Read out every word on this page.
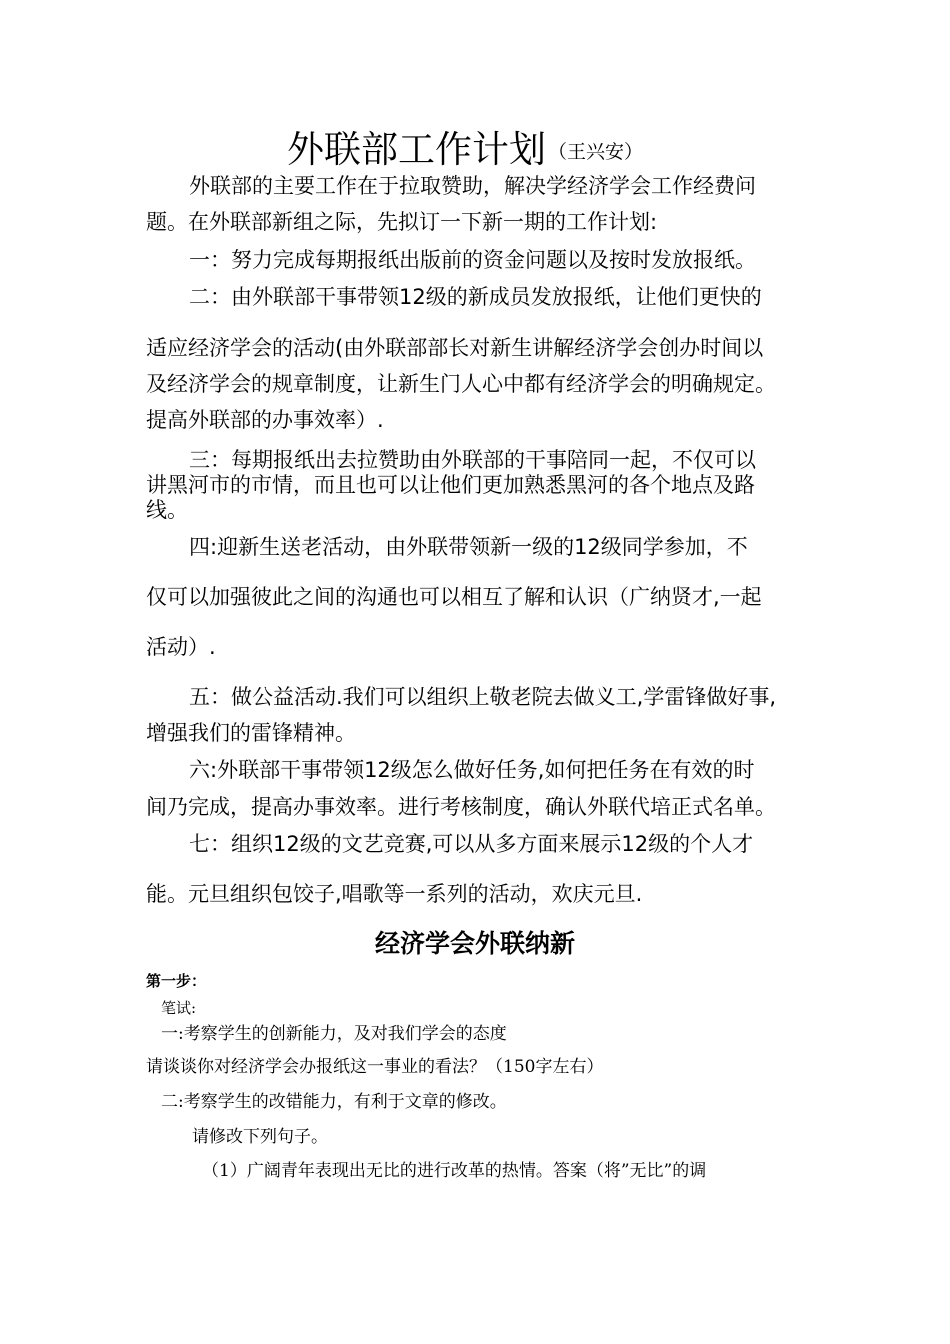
外联部工作计划 （王兴安）
外联部的主要工作在于拉取赞助，解决学经济学会工作经费问
题。在外联部新组之际，先拟订一下新一期的工作计划:
一：努力完成每期报纸出版前的资金问题以及按时发放报纸。
二：由外联部干事带领12级的新成员发放报纸，让他们更快的
适应经济学会的活动(由外联部部长对新生讲解经济学会创办时间以
及经济学会的规章制度，让新生门人心中都有经济学会的明确规定。
提高外联部的办事效率）.
三：每期报纸出去拉赞助由外联部的干事陪同一起，不仅可以
讲黑河市的市情，而且也可以让他们更加熟悉黑河的各个地点及路
线。
四:迎新生送老活动，由外联带领新一级的12级同学参加，不
仅可以加强彼此之间的沟通也可以相互了解和认识（广纳贤才,一起
活动）.
五：做公益活动.我们可以组织上敬老院去做义工,学雷锋做好事,
增强我们的雷锋精神。
六:外联部干事带领12级怎么做好任务,如何把任务在有效的时
间乃完成，提高办事效率。进行考核制度，确认外联代培正式名单。
七：组织12级的文艺竞赛,可以从多方面来展示12级的个人才
能。元旦组织包饺子,唱歌等一系列的活动，欢庆元旦.
经济学会外联纳新
第一步：
笔试:
一:考察学生的创新能力，及对我们学会的态度
请谈谈你对经济学会办报纸这一事业的看法？（150字左右）
二:考察学生的改错能力，有利于文章的修改。
请修改下列句子。
（1）广阔青年表现出无比的进行改革的热情。答案（将”无比”的调
